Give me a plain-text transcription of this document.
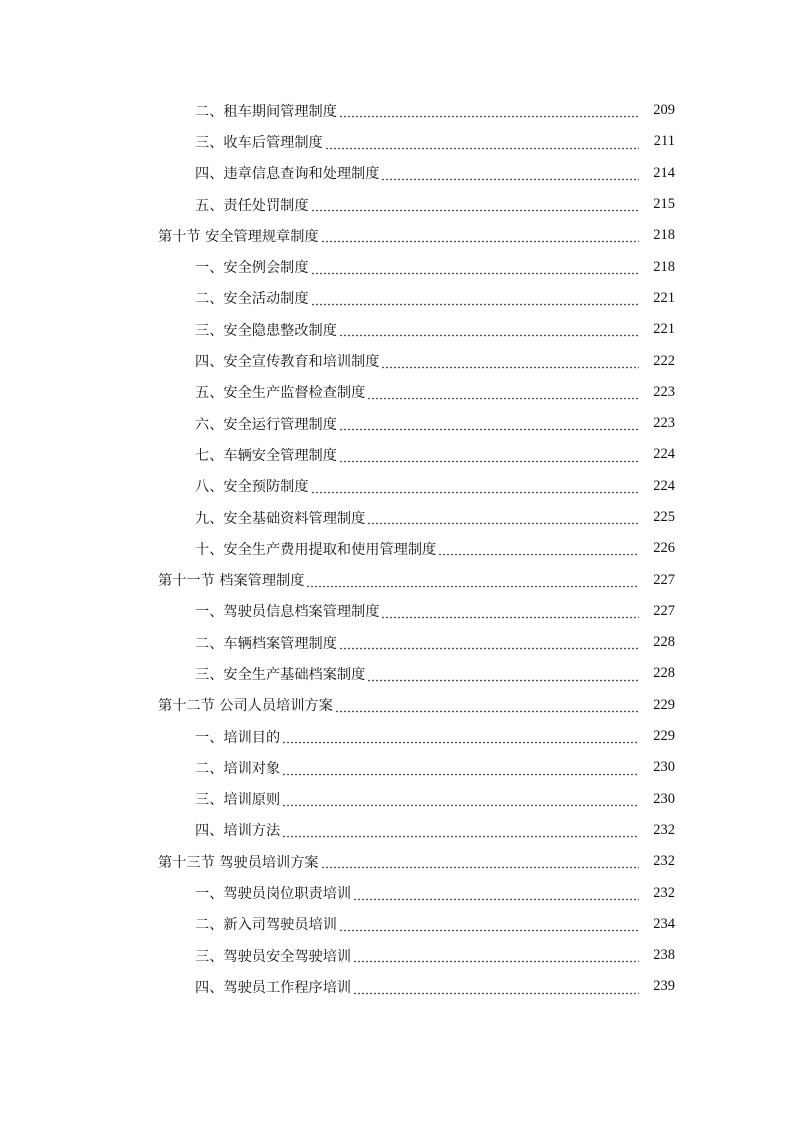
二、租车期间管理制度	209
三、收车后管理制度	211
四、违章信息查询和处理制度	214
五、责任处罚制度	215
第十节 安全管理规章制度	218
一、安全例会制度	218
二、安全活动制度	221
三、安全隐患整改制度	221
四、安全宣传教育和培训制度	222
五、安全生产监督检查制度	223
六、安全运行管理制度	223
七、车辆安全管理制度	224
八、安全预防制度	224
九、安全基础资料管理制度	225
十、安全生产费用提取和使用管理制度	226
第十一节 档案管理制度	227
一、驾驶员信息档案管理制度	227
二、车辆档案管理制度	228
三、安全生产基础档案制度	228
第十二节 公司人员培训方案	229
一、培训目的	229
二、培训对象	230
三、培训原则	230
四、培训方法	232
第十三节 驾驶员培训方案	232
一、驾驶员岗位职责培训	232
二、新入司驾驶员培训	234
三、驾驶员安全驾驶培训	238
四、驾驶员工作程序培训	239
